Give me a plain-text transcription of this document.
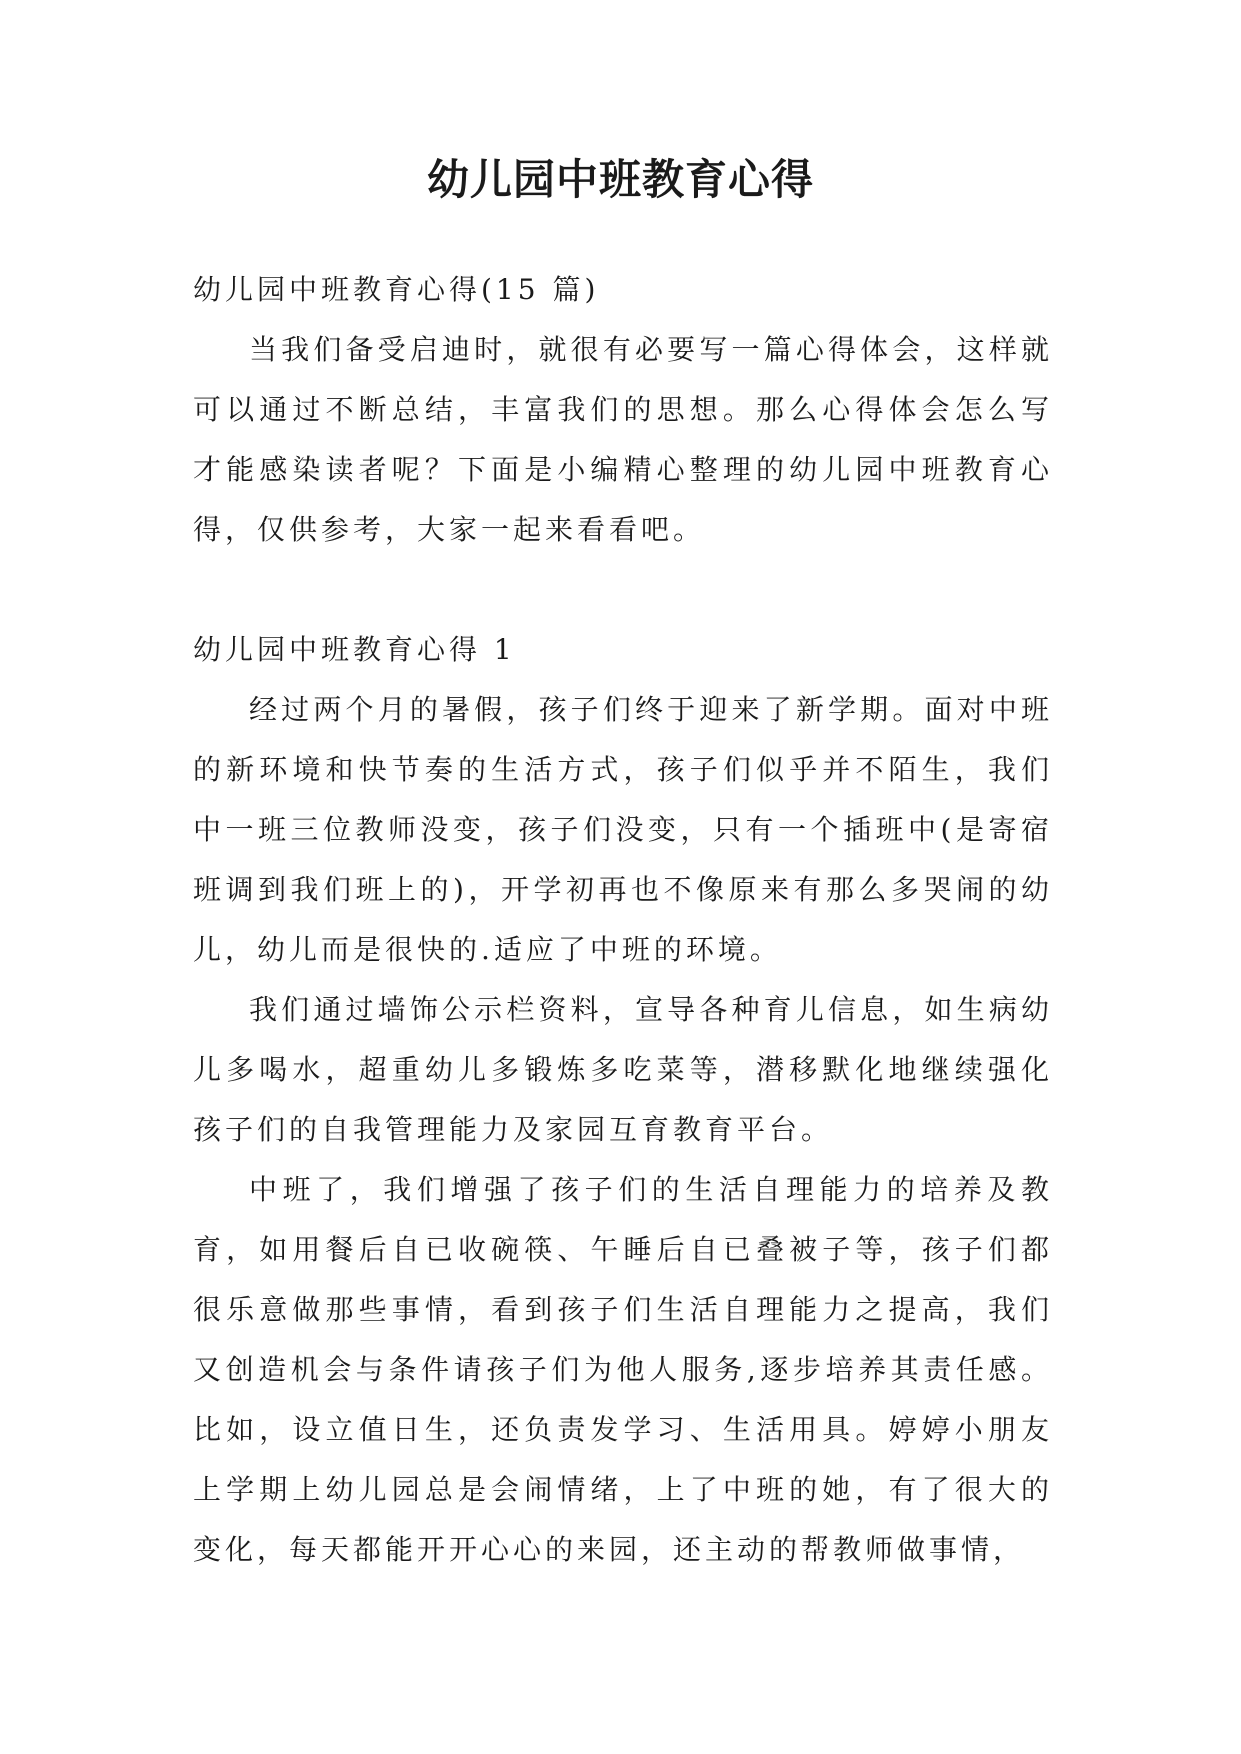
幼儿园中班教育心得
幼儿园中班教育心得(15 篇)

当我们备受启迪时，就很有必要写一篇心得体会，这样就可以通过不断总结，丰富我们的思想。那么心得体会怎么写才能感染读者呢？下面是小编精心整理的幼儿园中班教育心得，仅供参考，大家一起来看看吧。

幼儿园中班教育心得 1

经过两个月的暑假，孩子们终于迎来了新学期。面对中班的新环境和快节奏的生活方式，孩子们似乎并不陌生，我们中一班三位教师没变，孩子们没变，只有一个插班中(是寄宿班调到我们班上的)，开学初再也不像原来有那么多哭闹的幼儿，幼儿而是很快的.适应了中班的环境。

我们通过墙饰公示栏资料，宣导各种育儿信息，如生病幼儿多喝水，超重幼儿多锻炼多吃菜等，潜移默化地继续强化孩子们的自我管理能力及家园互育教育平台。

中班了，我们增强了孩子们的生活自理能力的培养及教育，如用餐后自已收碗筷、午睡后自已叠被子等，孩子们都很乐意做那些事情，看到孩子们生活自理能力之提高，我们又创造机会与条件请孩子们为他人服务,逐步培养其责任感。比如，设立值日生，还负责发学习、生活用具。婷婷小朋友上学期上幼儿园总是会闹情绪，上了中班的她，有了很大的变化，每天都能开开心心的来园，还主动的帮教师做事情，
